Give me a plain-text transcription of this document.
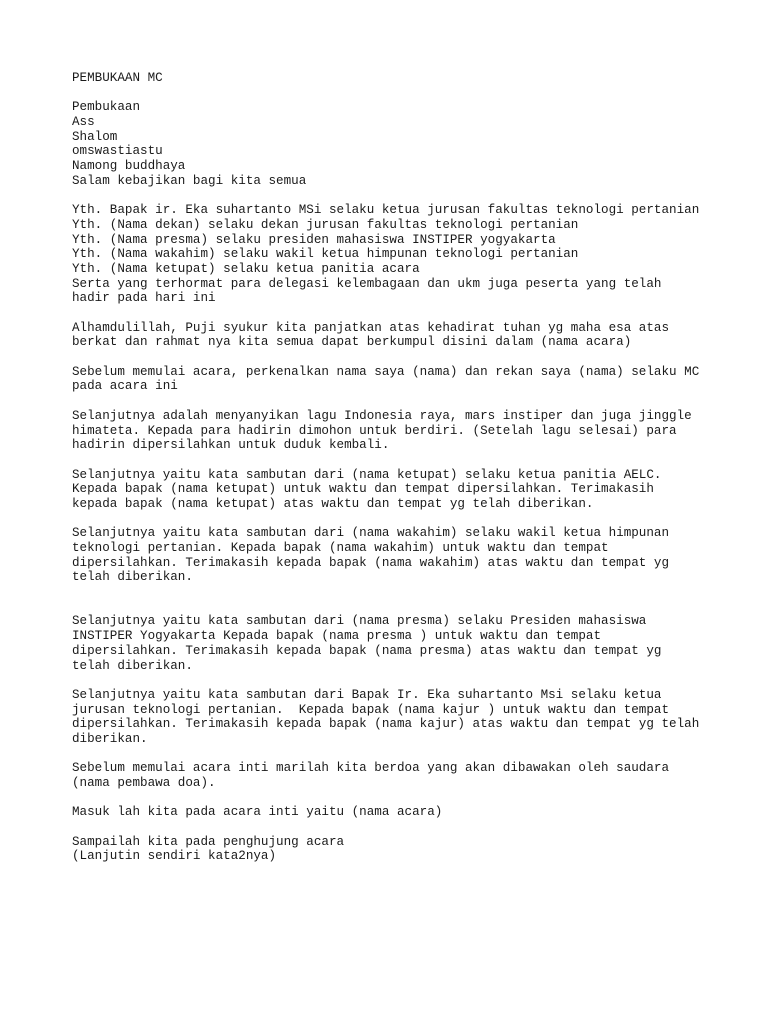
PEMBUKAAN MC
Pembukaan
Ass
Shalom
omswastiastu
Namong buddhaya
Salam kebajikan bagi kita semua
Yth. Bapak ir. Eka suhartanto MSi selaku ketua jurusan fakultas teknologi pertanian
Yth. (Nama dekan) selaku dekan jurusan fakultas teknologi pertanian
Yth. (Nama presma) selaku presiden mahasiswa INSTIPER yogyakarta
Yth. (Nama wakahim) selaku wakil ketua himpunan teknologi pertanian
Yth. (Nama ketupat) selaku ketua panitia acara
Serta yang terhormat para delegasi kelembagaan dan ukm juga peserta yang telah
hadir pada hari ini
Alhamdulillah, Puji syukur kita panjatkan atas kehadirat tuhan yg maha esa atas
berkat dan rahmat nya kita semua dapat berkumpul disini dalam (nama acara)
Sebelum memulai acara, perkenalkan nama saya (nama) dan rekan saya (nama) selaku MC
pada acara ini
Selanjutnya adalah menyanyikan lagu Indonesia raya, mars instiper dan juga jinggle
himateta. Kepada para hadirin dimohon untuk berdiri. (Setelah lagu selesai) para
hadirin dipersilahkan untuk duduk kembali.
Selanjutnya yaitu kata sambutan dari (nama ketupat) selaku ketua panitia AELC.
Kepada bapak (nama ketupat) untuk waktu dan tempat dipersilahkan. Terimakasih
kepada bapak (nama ketupat) atas waktu dan tempat yg telah diberikan.
Selanjutnya yaitu kata sambutan dari (nama wakahim) selaku wakil ketua himpunan
teknologi pertanian. Kepada bapak (nama wakahim) untuk waktu dan tempat
dipersilahkan. Terimakasih kepada bapak (nama wakahim) atas waktu dan tempat yg
telah diberikan.
Selanjutnya yaitu kata sambutan dari (nama presma) selaku Presiden mahasiswa
INSTIPER Yogyakarta Kepada bapak (nama presma ) untuk waktu dan tempat
dipersilahkan. Terimakasih kepada bapak (nama presma) atas waktu dan tempat yg
telah diberikan.
Selanjutnya yaitu kata sambutan dari Bapak Ir. Eka suhartanto Msi selaku ketua
jurusan teknologi pertanian.  Kepada bapak (nama kajur ) untuk waktu dan tempat
dipersilahkan. Terimakasih kepada bapak (nama kajur) atas waktu dan tempat yg telah
diberikan.
Sebelum memulai acara inti marilah kita berdoa yang akan dibawakan oleh saudara
(nama pembawa doa).
Masuk lah kita pada acara inti yaitu (nama acara)
Sampailah kita pada penghujung acara
(Lanjutin sendiri kata2nya)
